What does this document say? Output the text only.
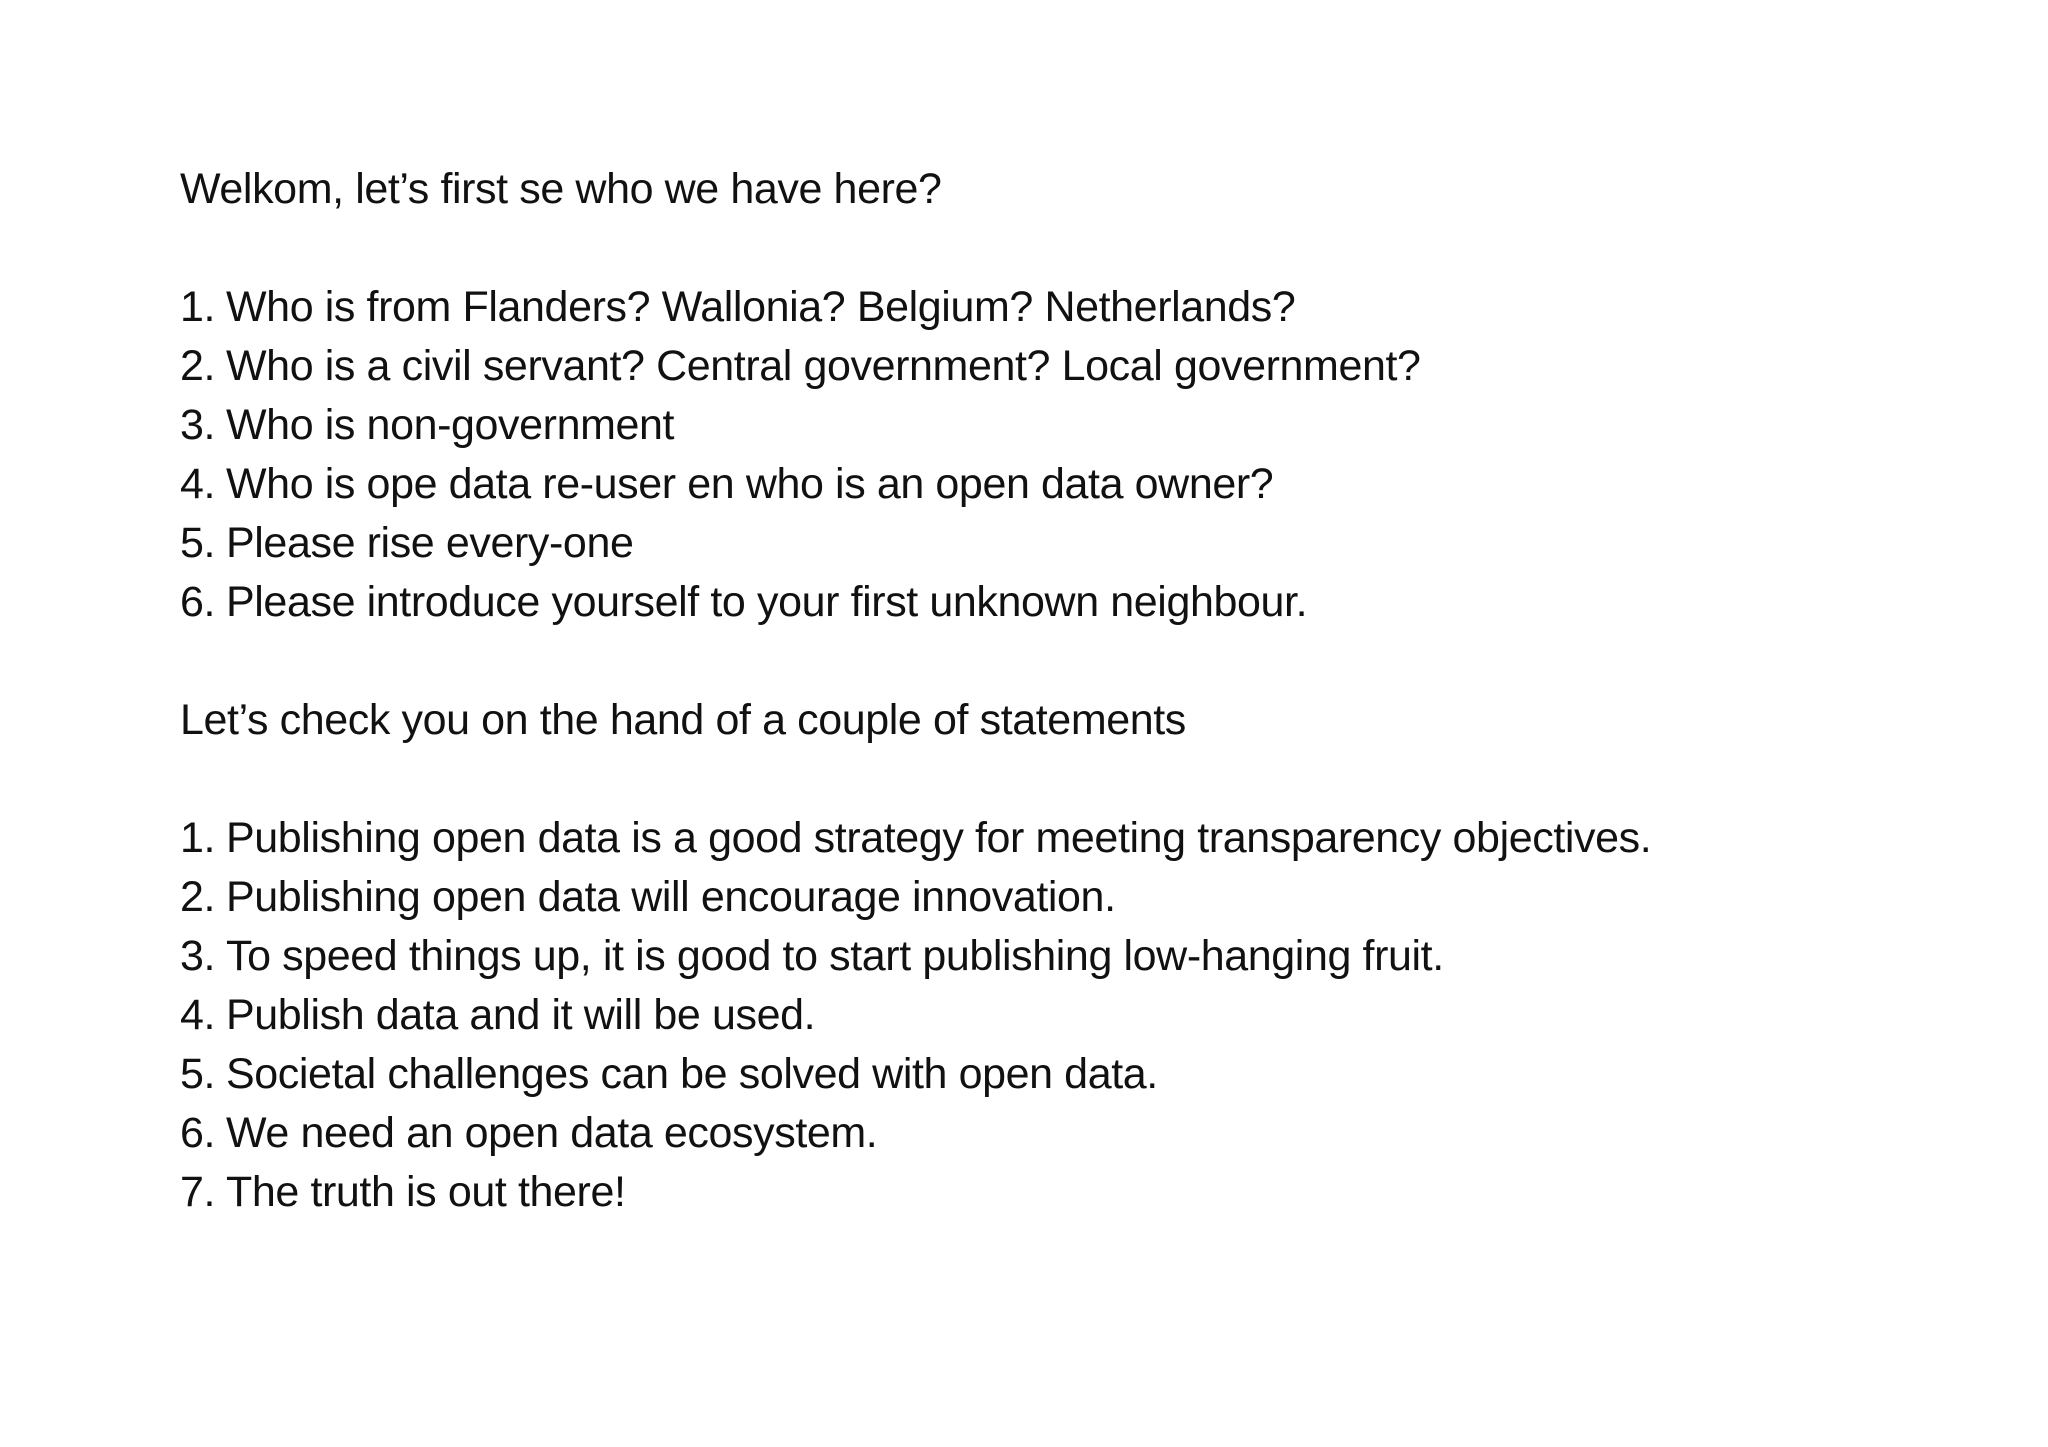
Welkom, let’s first se who we have here?
1. Who is from Flanders? Wallonia? Belgium? Netherlands?
2. Who is a civil servant? Central government? Local government?
3. Who is non-government
4. Who is ope data re-user en who is an open data owner?
5. Please rise every-one
6. Please introduce yourself to your first unknown neighbour.
Let’s check you on the hand of a couple of statements
1. Publishing open data is a good strategy for meeting transparency objectives.
2. Publishing open data will encourage innovation.
3. To speed things up, it is good to start publishing low-hanging fruit.
4. Publish data and it will be used.
5. Societal challenges can be solved with open data.
6. We need an open data ecosystem.
7. The truth is out there!
